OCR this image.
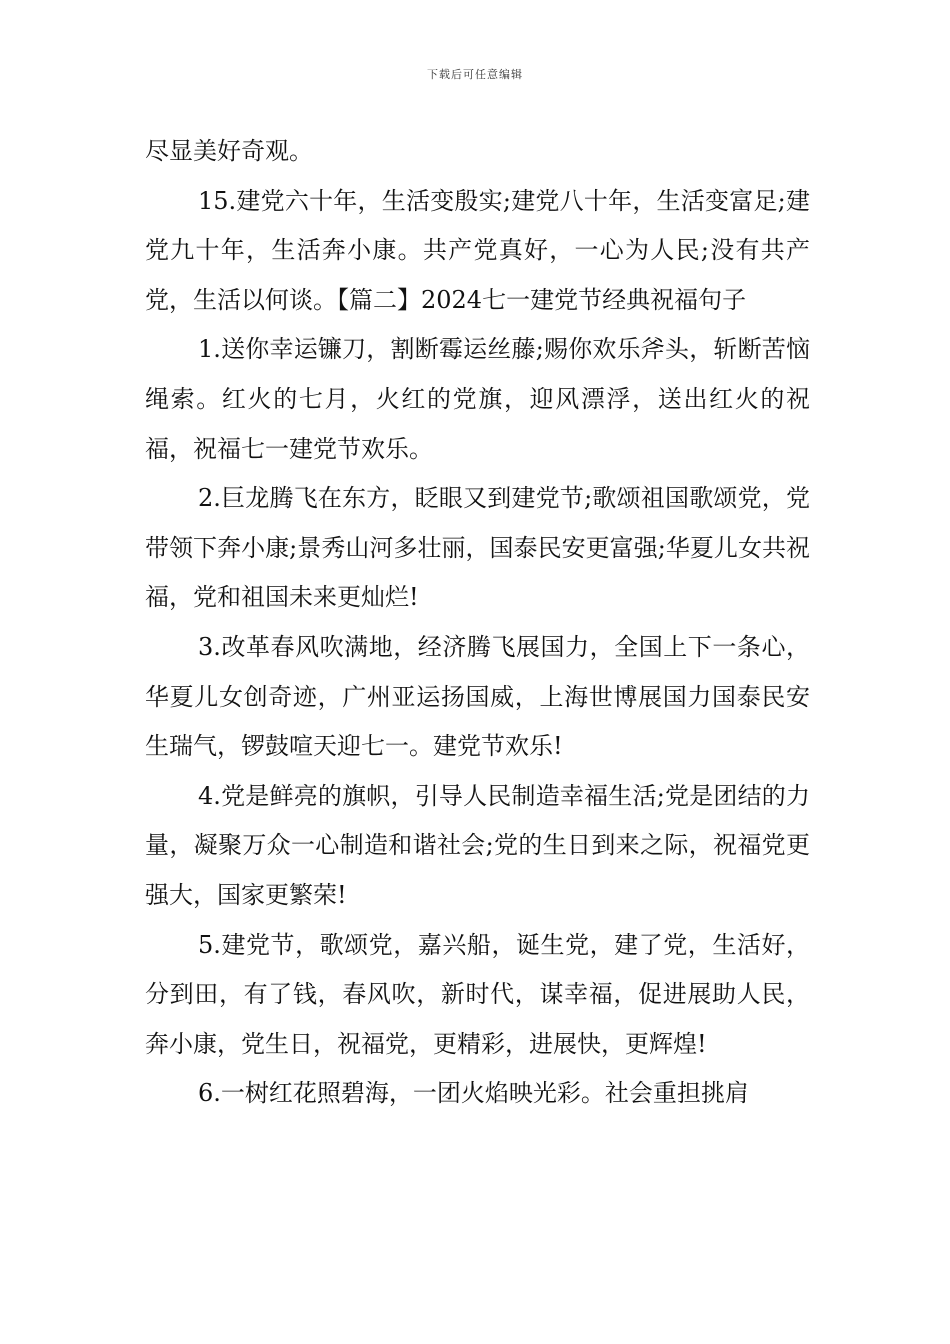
下载后可任意编辑

尽显美好奇观。

15.建党六十年，生活变殷实;建党八十年，生活变富足;建党九十年，生活奔小康。共产党真好，一心为人民;没有共产党，生活以何谈。【篇二】2024七一建党节经典祝福句子

1.送你幸运镰刀，割断霉运丝藤;赐你欢乐斧头，斩断苦恼绳索。红火的七月，火红的党旗，迎风漂浮，送出红火的祝福，祝福七一建党节欢乐。

2.巨龙腾飞在东方，眨眼又到建党节;歌颂祖国歌颂党，党带领下奔小康;景秀山河多壮丽，国泰民安更富强;华夏儿女共祝福，党和祖国未来更灿烂!

3.改革春风吹满地，经济腾飞展国力，全国上下一条心，华夏儿女创奇迹，广州亚运扬国威，上海世博展国力国泰民安生瑞气，锣鼓喧天迎七一。建党节欢乐!

4.党是鲜亮的旗帜，引导人民制造幸福生活;党是团结的力量，凝聚万众一心制造和谐社会;党的生日到来之际，祝福党更强大，国家更繁荣!

5.建党节，歌颂党，嘉兴船，诞生党，建了党，生活好，分到田，有了钱，春风吹，新时代，谋幸福，促进展助人民，奔小康，党生日，祝福党，更精彩，进展快，更辉煌!

6.一树红花照碧海，一团火焰映光彩。社会重担挑肩
